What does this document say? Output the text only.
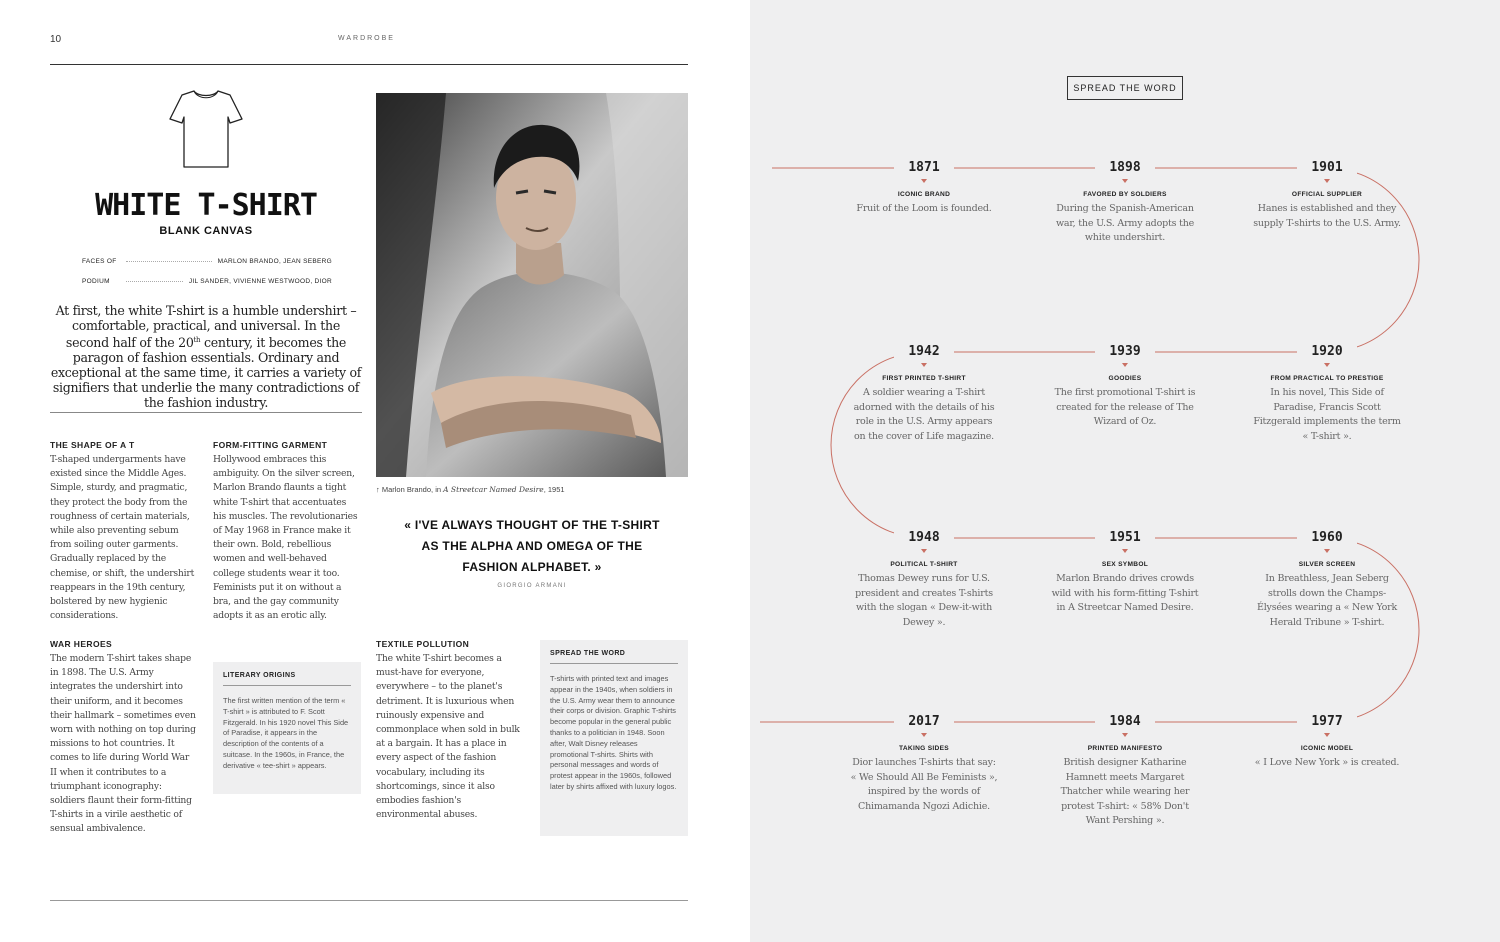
10	WARDROBE
WHITE T-SHIRT
BLANK CANVAS
FACES OF	MARLON BRANDO, JEAN SEBERG
PODIUM	JIL SANDER, VIVIENNE WESTWOOD, DIOR
At first, the white T-shirt is a humble undershirt – comfortable, practical, and universal. In the second half of the 20th century, it becomes the paragon of fashion essentials. Ordinary and exceptional at the same time, it carries a variety of signifiers that underlie the many contradictions of the fashion industry.
THE SHAPE OF A T
T-shaped undergarments have existed since the Middle Ages. Simple, sturdy, and pragmatic, they protect the body from the roughness of certain materials, while also preventing sebum from soiling outer garments. Gradually replaced by the chemise, or shift, the undershirt reappears in the 19th century, bolstered by new hygienic considerations.
WAR HEROES
The modern T-shirt takes shape in 1898. The U.S. Army integrates the undershirt into their uniform, and it becomes their hallmark – sometimes even worn with nothing on top during missions to hot countries. It comes to life during World War II when it contributes to a triumphant iconography: soldiers flaunt their form-fitting T-shirts in a virile aesthetic of sensual ambivalence.
FORM-FITTING GARMENT
Hollywood embraces this ambiguity. On the silver screen, Marlon Brando flaunts a tight white T-shirt that accentuates his muscles. The revolutionaries of May 1968 in France make it their own. Bold, rebellious women and well-behaved college students wear it too. Feminists put it on without a bra, and the gay community adopts it as an erotic ally.
LITERARY ORIGINS
The first written mention of the term « T-shirt » is attributed to F. Scott Fitzgerald. In his 1920 novel This Side of Paradise, it appears in the description of the contents of a suitcase. In the 1960s, in France, the derivative « tee-shirt » appears.
↑ Marlon Brando, in A Streetcar Named Desire, 1951
« I'VE ALWAYS THOUGHT OF THE T-SHIRT AS THE ALPHA AND OMEGA OF THE FASHION ALPHABET. »
GIORGIO ARMANI
TEXTILE POLLUTION
The white T-shirt becomes a must-have for everyone, everywhere – to the planet's detriment. It is luxurious when ruinously expensive and commonplace when sold in bulk at a bargain. It has a place in every aspect of the fashion vocabulary, including its shortcomings, since it also embodies fashion's environmental abuses.
SPREAD THE WORD
T-shirts with printed text and images appear in the 1940s, when soldiers in the U.S. Army wear them to announce their corps or division. Graphic T-shirts become popular in the general public thanks to a politician in 1948. Soon after, Walt Disney releases promotional T-shirts. Shirts with personal messages and words of protest appear in the 1960s, followed later by shirts affixed with luxury logos.
SPREAD THE WORD
1871
ICONIC BRAND
Fruit of the Loom is founded.
1898
FAVORED BY SOLDIERS
During the Spanish-American war, the U.S. Army adopts the white undershirt.
1901
OFFICIAL SUPPLIER
Hanes is established and they supply T-shirts to the U.S. Army.
1942
FIRST PRINTED T-SHIRT
A soldier wearing a T-shirt adorned with the details of his role in the U.S. Army appears on the cover of Life magazine.
1939
GOODIES
The first promotional T-shirt is created for the release of The Wizard of Oz.
1920
FROM PRACTICAL TO PRESTIGE
In his novel, This Side of Paradise, Francis Scott Fitzgerald implements the term « T-shirt ».
1948
POLITICAL T-SHIRT
Thomas Dewey runs for U.S. president and creates T-shirts with the slogan « Dew-it-with Dewey ».
1951
SEX SYMBOL
Marlon Brando drives crowds wild with his form-fitting T-shirt in A Streetcar Named Desire.
1960
SILVER SCREEN
In Breathless, Jean Seberg strolls down the Champs-Élysées wearing a « New York Herald Tribune » T-shirt.
2017
TAKING SIDES
Dior launches T-shirts that say: « We Should All Be Feminists », inspired by the words of Chimamanda Ngozi Adichie.
1984
PRINTED MANIFESTO
British designer Katharine Hamnett meets Margaret Thatcher while wearing her protest T-shirt: « 58% Don't Want Pershing ».
1977
ICONIC MODEL
« I Love New York » is created.
